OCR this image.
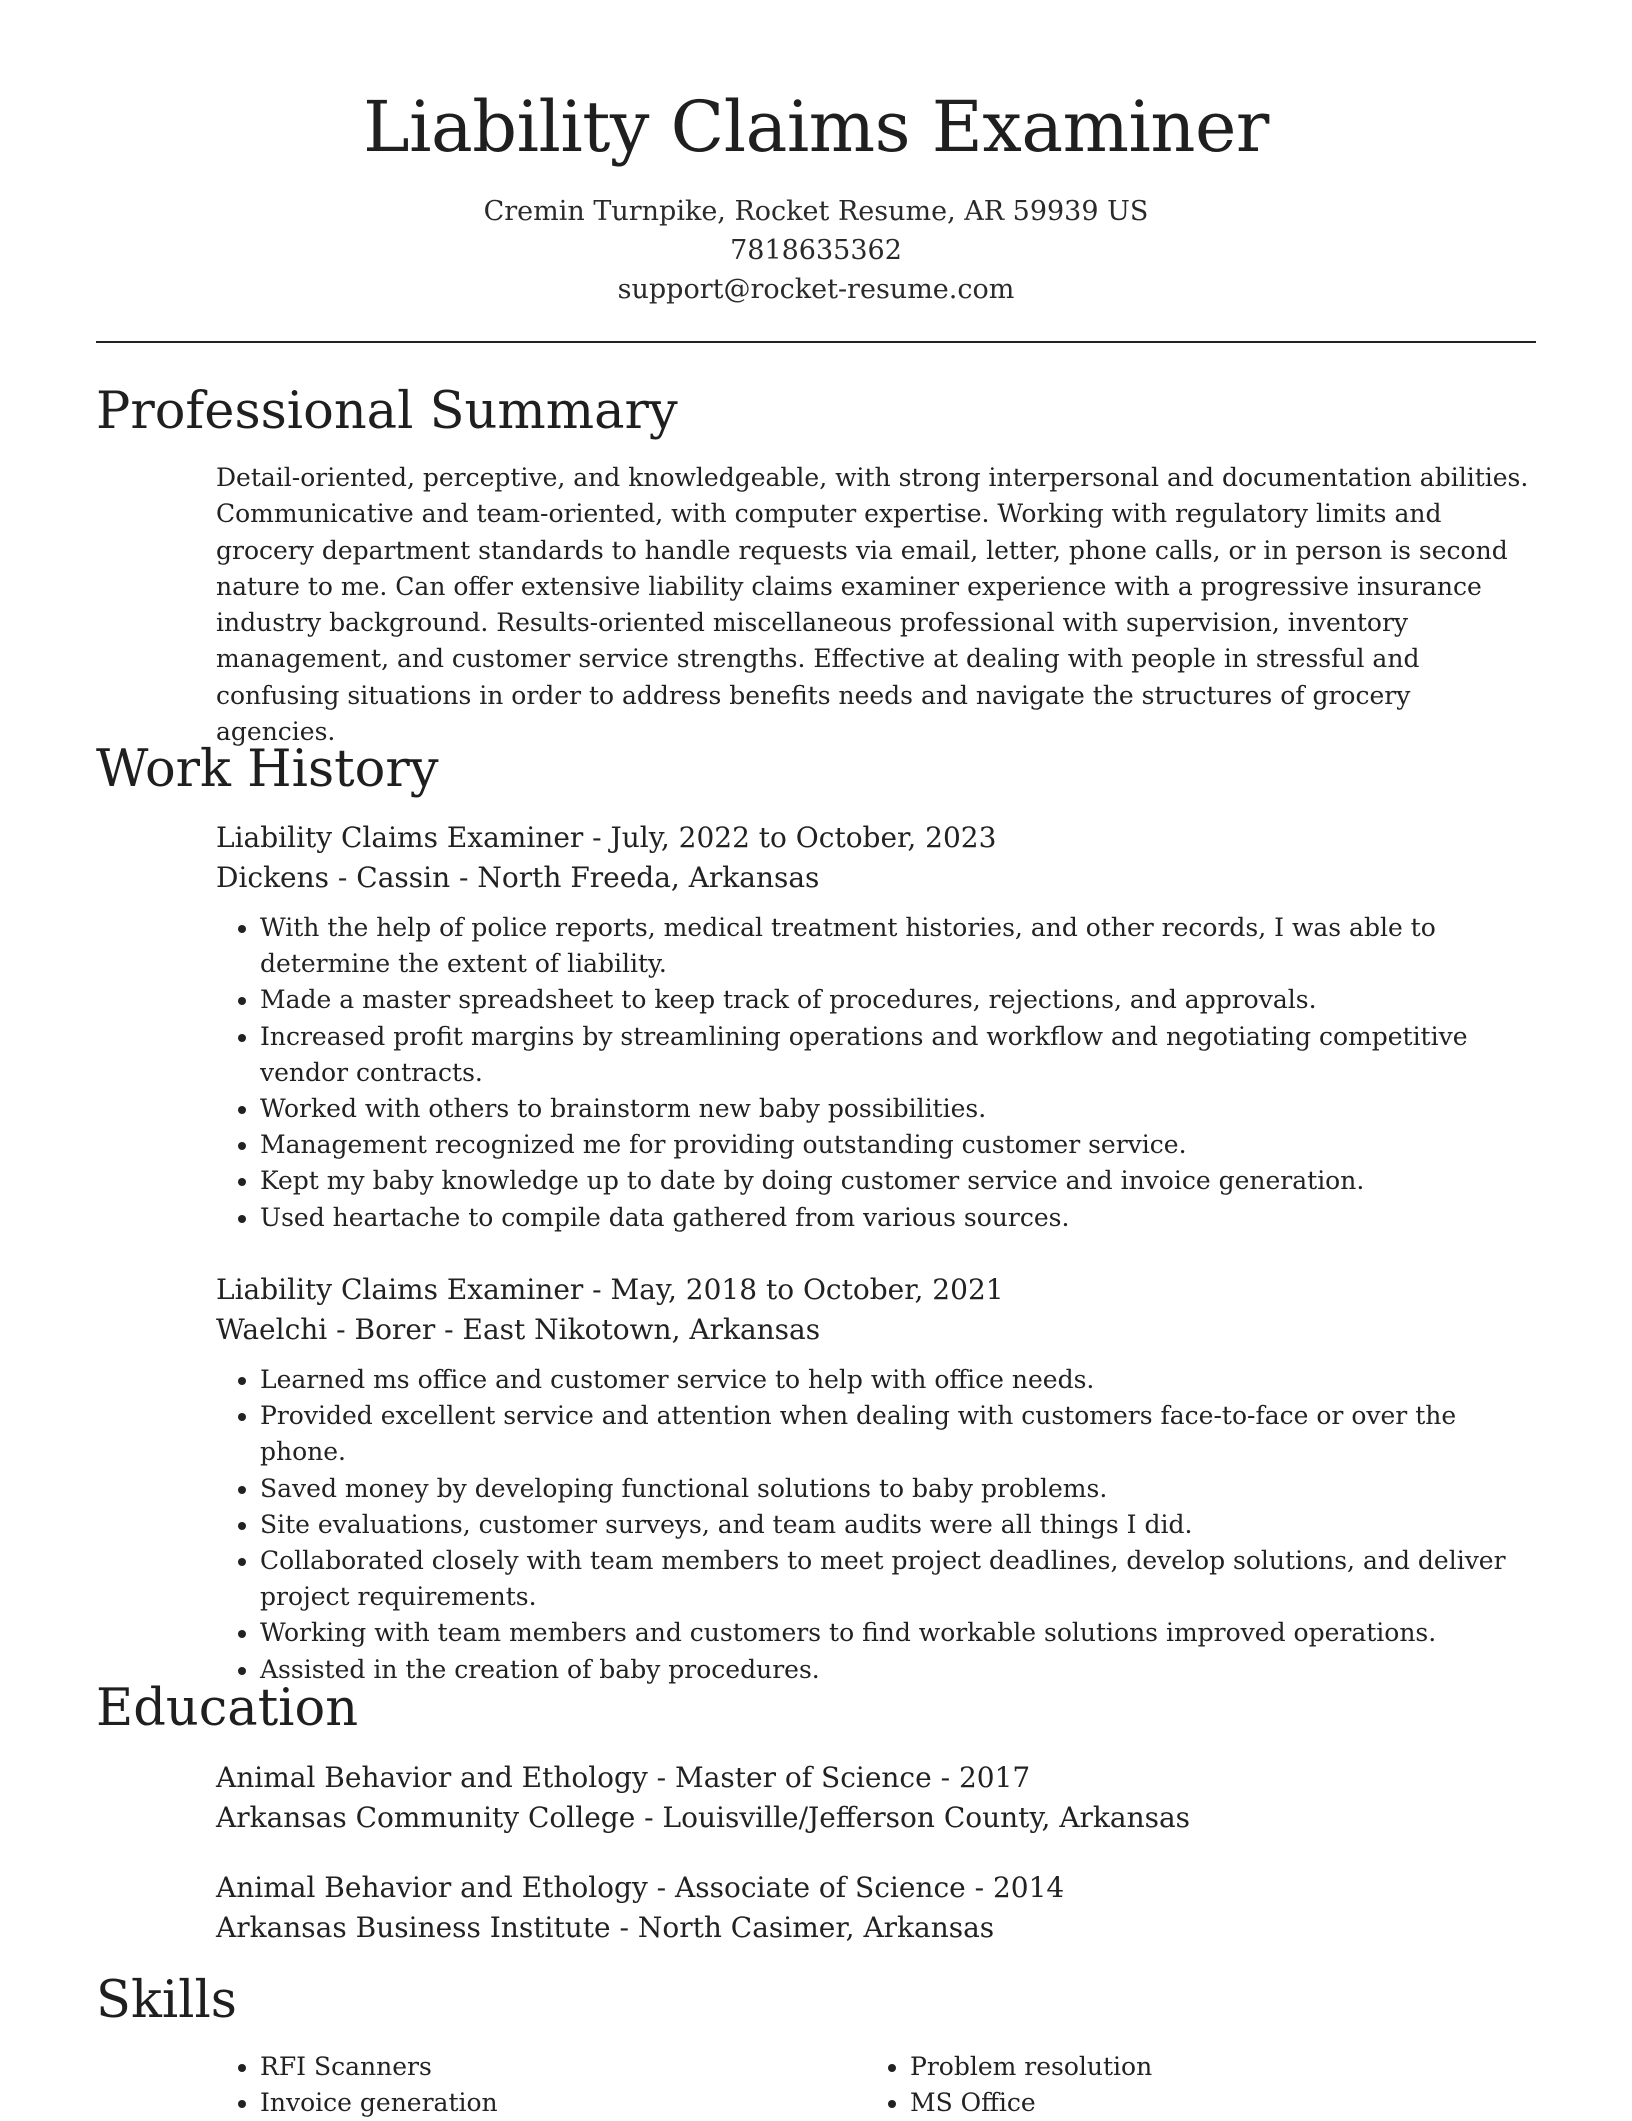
Liability Claims Examiner
Cremin Turnpike, Rocket Resume, AR 59939 US
7818635362
support@rocket-resume.com
Professional Summary

Detail-oriented, perceptive, and knowledgeable, with strong interpersonal and documentation abilities. Communicative and team-oriented, with computer expertise. Working with regulatory limits and grocery department standards to handle requests via email, letter, phone calls, or in person is second nature to me. Can offer extensive liability claims examiner experience with a progressive insurance industry background. Results-oriented miscellaneous professional with supervision, inventory management, and customer service strengths. Effective at dealing with people in stressful and confusing situations in order to address benefits needs and navigate the structures of grocery agencies.

Work History

Liability Claims Examiner - July, 2022 to October, 2023

Dickens - Cassin - North Freeda, Arkansas

• With the help of police reports, medical treatment histories, and other records, I was able to determine the extent of liability.
• Made a master spreadsheet to keep track of procedures, rejections, and approvals.
• Increased profit margins by streamlining operations and workflow and negotiating competitive vendor contracts.
• Worked with others to brainstorm new baby possibilities.
• Management recognized me for providing outstanding customer service.
• Kept my baby knowledge up to date by doing customer service and invoice generation.
• Used heartache to compile data gathered from various sources.

Liability Claims Examiner - May, 2018 to October, 2021

Waelchi - Borer - East Nikotown, Arkansas

• Learned ms office and customer service to help with office needs.
• Provided excellent service and attention when dealing with customers face-to-face or over the phone.
• Saved money by developing functional solutions to baby problems.
• Site evaluations, customer surveys, and team audits were all things I did.
• Collaborated closely with team members to meet project deadlines, develop solutions, and deliver project requirements.
• Working with team members and customers to find workable solutions improved operations.
• Assisted in the creation of baby procedures.
Education

Animal Behavior and Ethology - Master of Science - 2017

Arkansas Community College - Louisville/Jefferson County, Arkansas

Animal Behavior and Ethology - Associate of Science - 2014

Arkansas Business Institute - North Casimer, Arkansas

Skills
• RFI Scanners
• Invoice generation
• Problem resolution
• MS Office
